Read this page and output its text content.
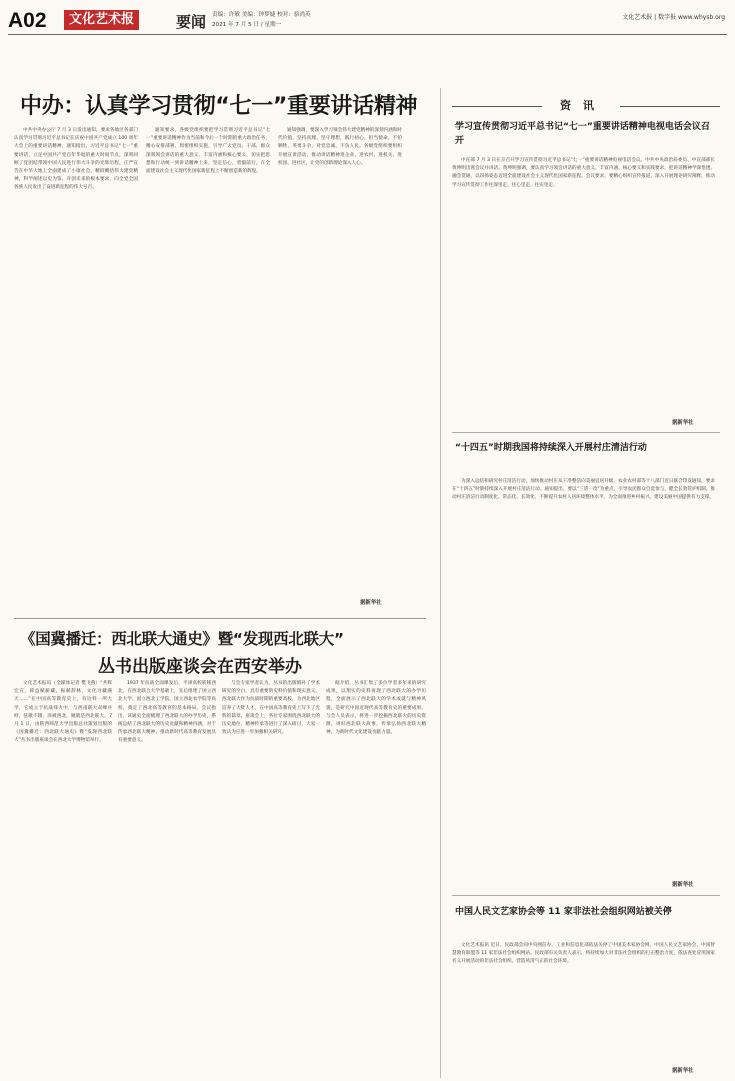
A02	文化艺术报	要闻 责编：许敏 美编：钟梦婕 校对：骆尚英
2021 年 7 月 5 日 / 星期一
文化艺术报 | 数字报 www.whysb.org
中办：认真学习贯彻“七一”重要讲话精神

中共中央办公厅 7 月 3 日发出通知，要求各地区各部门认真学习贯彻习近平总书记在庆祝中国共产党成立 100 周年大会上的重要讲话精神。通知指出，习近平总书记“七一”重要讲话，立足中国共产党百年华诞的重大时间节点，深刻回顾了党团结带领中国人民进行伟大斗争的光辉历程，庄严宣告在中华大地上全面建成了小康社会，精辟概括伟大建党精神，科学阐述以史为鉴、开创未来的根本要求，向全党全国各族人民发出了奋进新征程的伟大号召。

通知要求，各级党组织要把学习贯彻习近平总书记“七一”重要讲话精神作为当前和今后一个时期的重大政治任务，精心安排部署，周密组织实施，引导广大党员、干部、群众深刻领会讲话的重大意义、丰富内涵和核心要义，切实把思想和行动统一到讲话精神上来，坚定信心，勇毅前行，在全面建设社会主义现代化国家新征程上不断创造新的辉煌。

通知强调，要深入学习领会伟大建党精神的深刻内涵和时代价值，坚持真理、坚守理想，践行初心、担当使命，不怕牺牲、英勇斗争，对党忠诚、不负人民。各级党组织要组织开展宣讲活动，推动讲话精神进企业、进农村、进机关、进校园、进社区，让党的创新理论深入人心。

据新华社
资 讯
学习宣传贯彻习近平总书记“七一”重要讲话精神电视电话会议召开

中宣部 7 月 3 日在京召开学习宣传贯彻习近平总书记“七一”重要讲话精神电视电话会议。中共中央政治局委员、中宣部部长黄坤明出席会议并讲话。黄坤明强调，要认真学习领会讲话的重大意义、丰富内涵、核心要义和实践要求，把讲话精神学深悟透、融会贯通，以昂扬姿态迈进全面建设社会主义现代化国家新征程。会议要求，要精心组织宣传报道，深入开展理论研究阐释，推动学习宣传贯彻工作往深里走、往心里走、往实里走。

据新华社
“十四五”时期我国将持续深入开展村庄清洁行动

为深入总结和研究村庄清洁行动，加快推动村庄从干净整洁向美丽宜居升级，农业农村部等十八部门近日联合印发通知，要求在“十四五”时期持续深入开展村庄清洁行动。通知提出，要以“三清一改”为重点，引导农民群众自觉参与，健全长效管护机制，推动村庄清洁行动制度化、常态化、长效化，不断提升农村人居环境整体水平，为全面推进乡村振兴、建设美丽中国提供有力支撑。

据新华社
中国人民文艺家协会等 11 家非法社会组织网站被关停

文化艺术报讯 近日，民政部会同中央网信办、工业和信息化部依法关停了中国美术家协会网、中国人民文艺家协会、中国智慧教育联盟等 11 家非法社会组织网站。民政部有关负责人表示，将持续加大对非法社会组织的打击整治力度，依法查处冒用国家名义开展活动的非法社会组织，营造风清气正的社会环境。

据新华社
《国冀播迁：西北联大通史》暨“发现西北联大”
丛书出版座谈会在西安举办

文化艺术报讯（全媒体记者 樊飞燕）“共辉宏宣，韩益赋薪藏，振赫辞林，文化习藏满天……”在中国高等教育史上，有这样一所大学，它成立于抗战烽火中，与西南联大双峰并峙，弦歌不辍，泽被西北，她就是西北联大。7 月 1 日，由陕西师范大学出版总社策划出版的《国冀播迁：西北联大通史》暨“发现西北联大”丛书出版座谈会在西北大学博物馆举行。

1937 年抗战全面爆发后，平津高校转移西北，在西北联合大学基础上，先后组建了国立西北大学、国立西北工学院、国立西北农学院等高校，奠定了西北高等教育的基本格局。会议指出，该通史全面梳理了西北联大的办学历史，系统总结了西北联大的历史贡献和精神内涵，对于传承西北联大精神、推动新时代高等教育发展具有重要意义。

与会专家学者认为，丛书的出版填补了学术研究的空白，具有重要的史料价值和现实意义。西北联大作为抗战时期的重要高校，为西北地区培养了大批人才，在中国高等教育史上写下了光辉的篇章。座谈会上，各位专家围绕西北联大的历史地位、精神传承等进行了深入研讨，大家一致认为应进一步加强相关研究。

据介绍，丛书汇集了多位学者多年来的研究成果，以翔实的史料再现了西北联大的办学历程，全面展示了西北联大的学术成就与精神风貌，是研究中国近现代高等教育史的重要成果。与会人员表示，将进一步挖掘西北联大的历史资源，讲好西北联大故事，传承弘扬西北联大精神，为新时代文化建设贡献力量。
